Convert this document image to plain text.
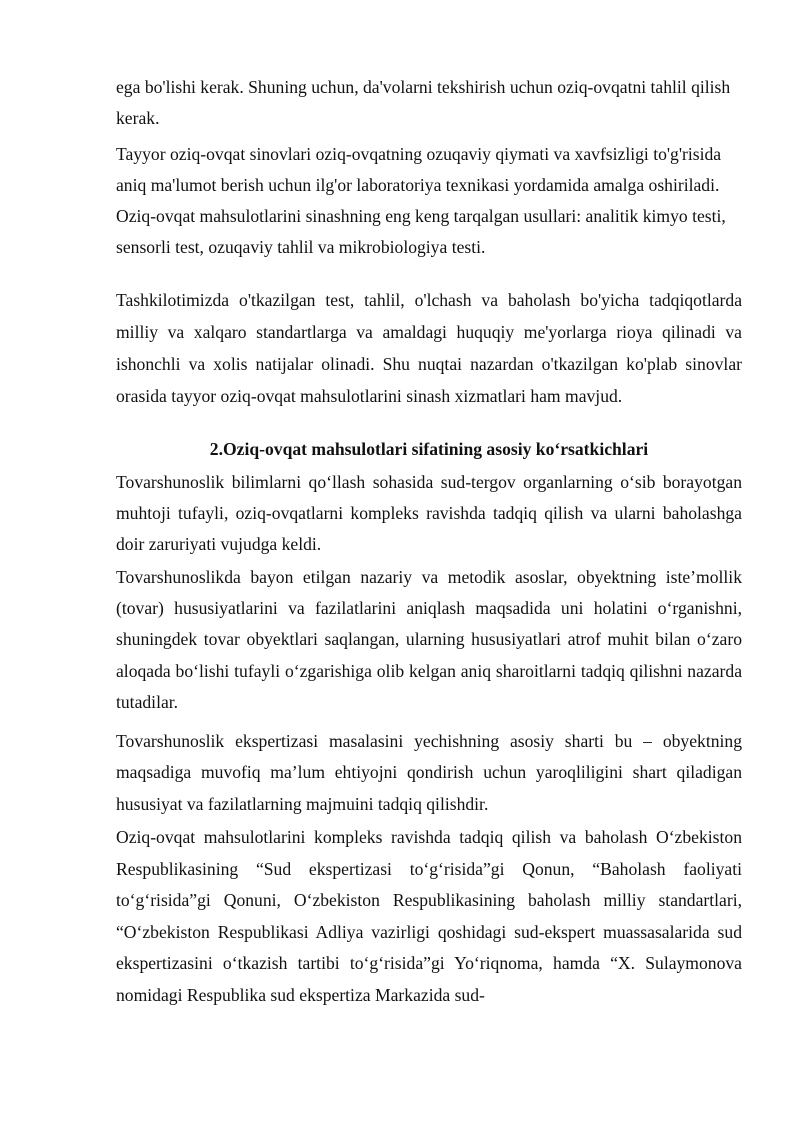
ega bo'lishi kerak. Shuning uchun, da'volarni tekshirish uchun oziq-ovqatni tahlil qilish kerak.

Tayyor oziq-ovqat sinovlari oziq-ovqatning ozuqaviy qiymati va xavfsizligi to'g'risida aniq ma'lumot berish uchun ilg'or laboratoriya texnikasi yordamida amalga oshiriladi. Oziq-ovqat mahsulotlarini sinashning eng keng tarqalgan usullari: analitik kimyo testi, sensorli test, ozuqaviy tahlil va mikrobiologiya testi.

Tashkilotimizda o'tkazilgan test, tahlil, o'lchash va baholash bo'yicha tadqiqotlarda milliy va xalqaro standartlarga va amaldagi huquqiy me'yorlarga rioya qilinadi va ishonchli va xolis natijalar olinadi. Shu nuqtai nazardan o'tkazilgan ko'plab sinovlar orasida tayyor oziq-ovqat mahsulotlarini sinash xizmatlari ham mavjud.

2.Oziq-ovqat mahsulotlari sifatining asosiy ko‘rsatkichlari

Tovarshunoslik bilimlarni qo‘llash sohasida sud-tergov organlarning o‘sib borayotgan muhtoji tufayli, oziq-ovqatlarni kompleks ravishda tadqiq qilish va ularni baholashga doir zaruriyati vujudga keldi.

Tovarshunoslikda bayon etilgan nazariy va metodik asoslar, obyektning iste’mollik (tovar) hususiyatlarini va fazilatlarini aniqlash maqsadida uni holatini o‘rganishni, shuningdek tovar obyektlari saqlangan, ularning hususiyatlari atrof muhit bilan o‘zaro aloqada bo‘lishi tufayli o‘zgarishiga olib kelgan aniq sharoitlarni tadqiq qilishni nazarda tutadilar.

Tovarshunoslik ekspertizasi masalasini yechishning asosiy sharti bu – obyektning maqsadiga muvofiq ma’lum ehtiyojni qondirish uchun yaroqliligini shart qiladigan hususiyat va fazilatlarning majmuini tadqiq qilishdir.

Oziq-ovqat mahsulotlarini kompleks ravishda tadqiq qilish va baholash O‘zbekiston Respublikasining “Sud ekspertizasi to‘g‘risida”gi Qonun, “Baholash faoliyati to‘g‘risida”gi Qonuni, O‘zbekiston Respublikasining baholash milliy standartlari, “O‘zbekiston Respublikasi Adliya vazirligi qoshidagi sud-ekspert muassasalarida sud ekspertizasini o‘tkazish tartibi to‘g‘risida”gi Yo‘riqnoma, hamda “X. Sulaymonova nomidagi Respublika sud ekspertiza Markazida sud-
